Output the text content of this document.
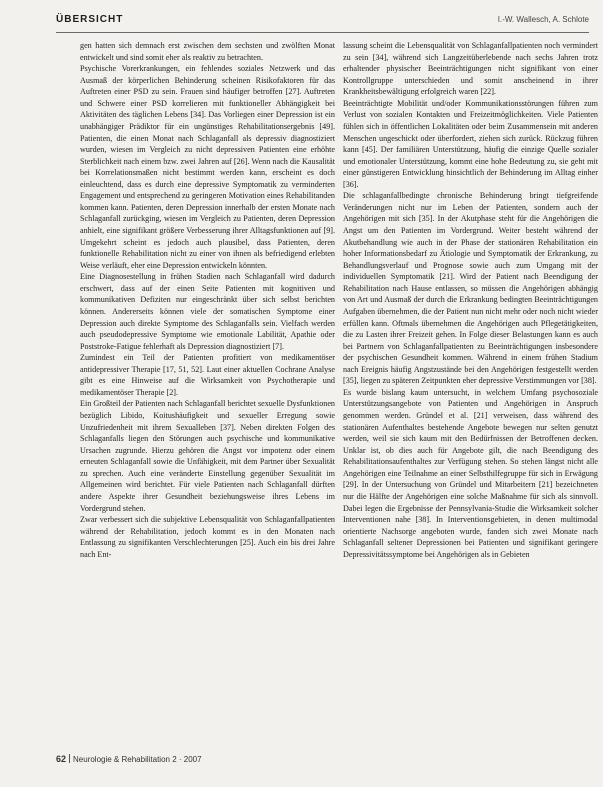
ÜBERSICHT	I.-W. Wallesch, A. Schlote

gen hatten sich demnach erst zwischen dem sechsten und zwölften Monat entwickelt und sind somit eher als reaktiv zu betrachten.

Psychische Vorerkrankungen, ein fehlendes soziales Netzwerk und das Ausmaß der körperlichen Behinderung scheinen Risikofaktoren für das Auftreten einer PSD zu sein. Frauen sind häufiger betroffen [27]. Auftreten und Schwere einer PSD korrelieren mit funktioneller Abhängigkeit bei Aktivitäten des täglichen Lebens [34]. Das Vorliegen einer Depression ist ein unabhängiger Prädiktor für ein ungünstiges Rehabilitationsergebnis [49]. Patienten, die einen Monat nach Schlaganfall als depressiv diagnostiziert wurden, wiesen im Vergleich zu nicht depressiven Patienten eine erhöhte Sterblichkeit nach einem bzw. zwei Jahren auf [26]. Wenn nach die Kausalität bei Korrelationsmaßen nicht bestimmt werden kann, erscheint es doch einleuchtend, dass es durch eine depressive Symptomatik zu verminderten Engagement und entsprechend zu geringeren Motivation eines Rehabilitanden kommen kann. Patienten, deren Depression innerhalb der ersten Monate nach Schlaganfall zurückging, wiesen im Vergleich zu Patienten, deren Depression anhielt, eine signifikant größere Verbesserung ihrer Alltagsfunktionen auf [9]. Umgekehrt scheint es jedoch auch plausibel, dass Patienten, deren funktionelle Rehabilitation nicht zu einer von ihnen als befriedigend erlebten Weise verläuft, eher eine Depression entwickeln könnten.

Eine Diagnosestellung in frühen Stadien nach Schlaganfall wird dadurch erschwert, dass auf der einen Seite Patienten mit kognitiven und kommunikativen Defiziten nur eingeschränkt über sich selbst berichten können. Andererseits können viele der somatischen Symptome einer Depression auch direkte Symptome des Schlaganfalls sein. Vielfach werden auch pseudodepressive Symptome wie emotionale Labilität, Apathie oder Poststroke-Fatigue fehlerhaft als Depression diagnostiziert [7].

Zumindest ein Teil der Patienten profitiert von medikamentöser antidepressiver Therapie [17, 51, 52]. Laut einer aktuellen Cochrane Analyse gibt es eine Hinweise auf die Wirksamkeit von Psychotherapie und medikamentöser Therapie [2].

Ein Großteil der Patienten nach Schlaganfall berichtet sexuelle Dysfunktionen bezüglich Libido, Koitushäufigkeit und sexueller Erregung sowie Unzufriedenheit mit ihrem Sexualleben [37]. Neben direkten Folgen des Schlaganfalls liegen den Störungen auch psychische und kommunikative Ursachen zugrunde. Hierzu gehören die Angst vor impotenz oder einem erneuten Schlaganfall sowie die Unfähigkeit, mit dem Partner über Sexualität zu sprechen. Auch eine veränderte Einstellung gegenüber Sexualität im Allgemeinen wird berichtet. Für viele Patienten nach Schlaganfall dürften andere Aspekte ihrer Gesundheit beziehungsweise ihres Lebens im Vordergrund stehen.

Zwar verbessert sich die subjektive Lebensqualität von Schlaganfallpatienten während der Rehabilitation, jedoch kommt es in den Monaten nach Entlassung zu signifikanten Verschlechterungen [25]. Auch ein bis drei Jahre nach Ent-

lassung scheint die Lebensqualität von Schlaganfallpatienten noch vermindert zu sein [34], während sich Langzeitüberlebende nach sechs Jahren trotz erhaltender physischer Beeinträchtigungen nicht signifikant von einer Kontrollgruppe unterschieden und somit anscheinend in ihrer Krankheitsbewältigung erfolgreich waren [22].

Beeinträchtigte Mobilität und/oder Kommunikationsstörungen führen zum Verlust von sozialen Kontakten und Freizeitmöglichkeiten. Viele Patienten fühlen sich in öffentlichen Lokalitäten oder beim Zusammensein mit anderen Menschen ungeschickt oder überfordert, ziehen sich zurück. Rückzug führen kann [45]. Der familiären Unterstützung, häufig die einzige Quelle sozialer und emotionaler Unterstützung, kommt eine hohe Bedeutung zu, sie geht mit einer günstigeren Entwicklung hinsichtlich der Behinderung im Alltag einher [36].

Die schlaganfallbedingte chronische Behinderung bringt tiefgreifende Veränderungen nicht nur im Leben der Patienten, sondern auch der Angehörigen mit sich [35]. In der Akutphase steht für die Angehörigen die Angst um den Patienten im Vordergrund. Weiter besteht während der Akutbehandlung wie auch in der Phase der stationären Rehabilitation ein hoher Informationsbedarf zu Ätiologie und Symptomatik der Erkrankung, zu Behandlungsverlauf und Prognose sowie auch zum Umgang mit der individuellen Symptomatik [21]. Wird der Patient nach Beendigung der Rehabilitation nach Hause entlassen, so müssen die Angehörigen abhängig von Art und Ausmaß der durch die Erkrankung bedingten Beeinträchtigungen Aufgaben übernehmen, die der Patient nun nicht mehr oder noch nicht wieder erfüllen kann. Oftmals übernehmen die Angehörigen auch Pflegetätigkeiten, die zu Lasten ihrer Freizeit gehen. In Folge dieser Belastungen kann es auch bei Partnern von Schlaganfallpatienten zu Beeinträchtigungen insbesondere der psychischen Gesundheit kommen. Während in einem frühen Stadium nach Ereignis häufig Angstzustände bei den Angehörigen festgestellt werden [35], liegen zu späteren Zeitpunkten eher depressive Verstimmungen vor [38].

Es wurde bislang kaum untersucht, in welchem Umfang psychosoziale Unterstützungsangebote von Patienten und Angehörigen in Anspruch genommen werden. Gründel et al. [21] verweisen, dass während des stationären Aufenthaltes bestehende Angebote bewegen nur selten genutzt werden, weil sie sich kaum mit den Bedürfnissen der Betroffenen decken. Unklar ist, ob dies auch für Angebote gilt, die nach Beendigung des Rehabilitationsaufenthaltes zur Verfügung stehen. So stehen längst nicht alle Angehörigen eine Teilnahme an einer Selbsthilfegruppe für sich in Erwägung [29]. In der Untersuchung von Gründel und Mitarbeitern [21] bezeichneten nur die Hälfte der Angehörigen eine solche Maßnahme für sich als sinnvoll. Dabei legen die Ergebnisse der Pennsylvania-Studie die Wirksamkeit solcher Interventionen nahe [38]. In Interventionsgebieten, in denen multimodal orientierte Nachsorge angeboten wurde, fanden sich zwei Monate nach Schlaganfall seltener Depressionen bei Patienten und signifikant geringere Depressivitätssymptome bei Angehörigen als in Gebieten

62 Neurologie & Rehabilitation 2 · 2007
